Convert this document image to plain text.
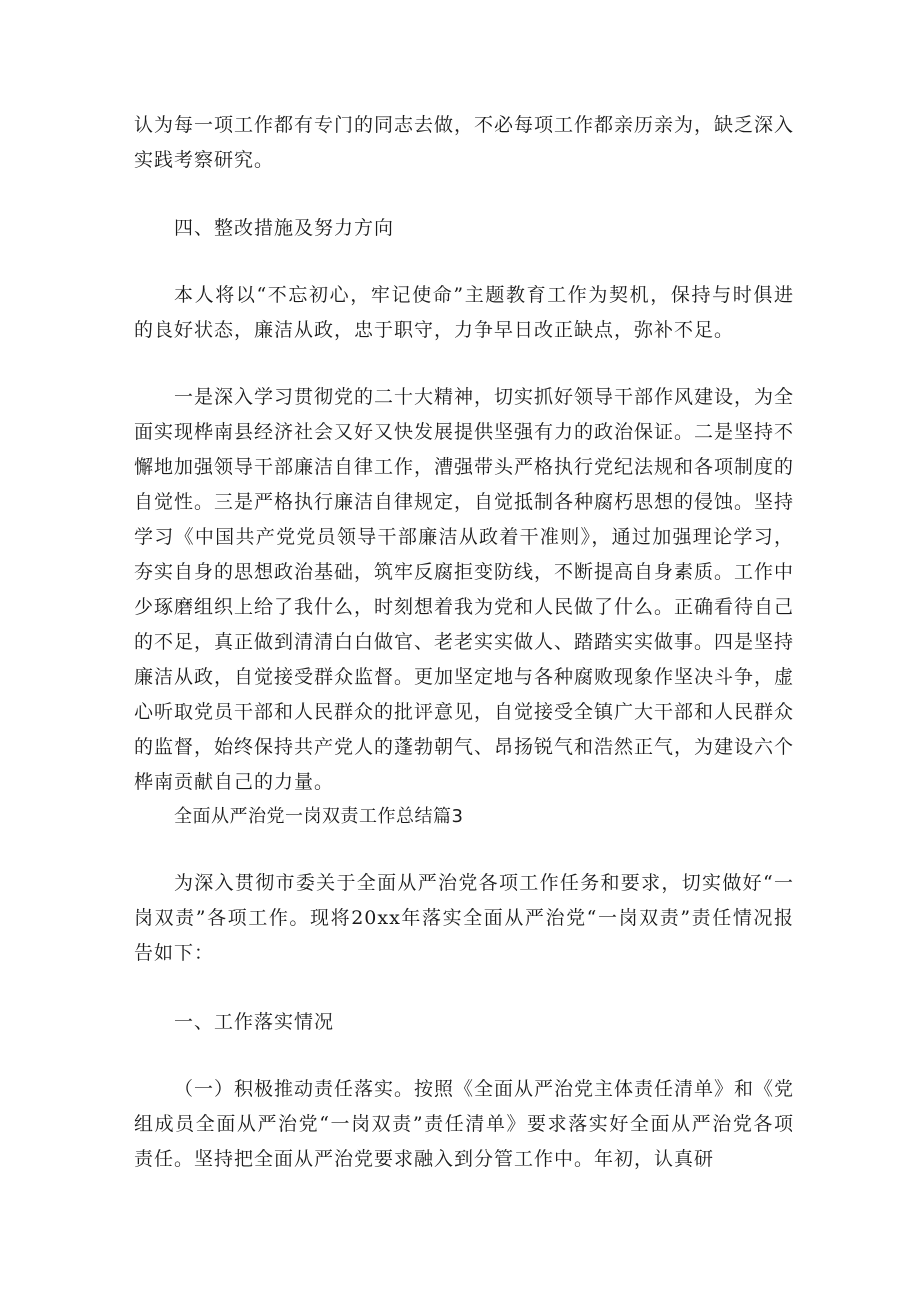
认为每一项工作都有专门的同志去做，不必每项工作都亲历亲为，缺乏深入实践考察研究。

四、整改措施及努力方向

本人将以“不忘初心，牢记使命”主题教育工作为契机，保持与时俱进的良好状态，廉洁从政，忠于职守，力争早日改正缺点，弥补不足。

一是深入学习贯彻党的二十大精神，切实抓好领导干部作风建设，为全面实现桦南县经济社会又好又快发展提供坚强有力的政治保证。二是坚持不懈地加强领导干部廉洁自律工作，漕强带头严格执行党纪法规和各项制度的自觉性。三是严格执行廉洁自律规定，自觉抵制各种腐朽思想的侵蚀。坚持学习《中国共产党党员领导干部廉洁从政着干准则》，通过加强理论学习，夯实自身的思想政治基础，筑牢反腐拒变防线，不断提高自身素质。工作中少琢磨组织上给了我什么，时刻想着我为党和人民做了什么。正确看待自己的不足，真正做到清清白白做官、老老实实做人、踏踏实实做事。四是坚持廉洁从政，自觉接受群众监督。更加坚定地与各种腐败现象作坚决斗争，虚心听取党员干部和人民群众的批评意见，自觉接受全镇广大干部和人民群众的监督，始终保持共产党人的蓬勃朝气、昂扬锐气和浩然正气，为建设六个桦南贡献自己的力量。

全面从严治党一岗双责工作总结篇3

为深入贯彻市委关于全面从严治党各项工作任务和要求，切实做好“一岗双责”各项工作。现将20xx年落实全面从严治党“一岗双责”责任情况报告如下：

一、工作落实情况

（一）积极推动责任落实。按照《全面从严治党主体责任清单》和《党组成员全面从严治党“一岗双责”责任清单》要求落实好全面从严治党各项责任。坚持把全面从严治党要求融入到分管工作中。年初，认真研
